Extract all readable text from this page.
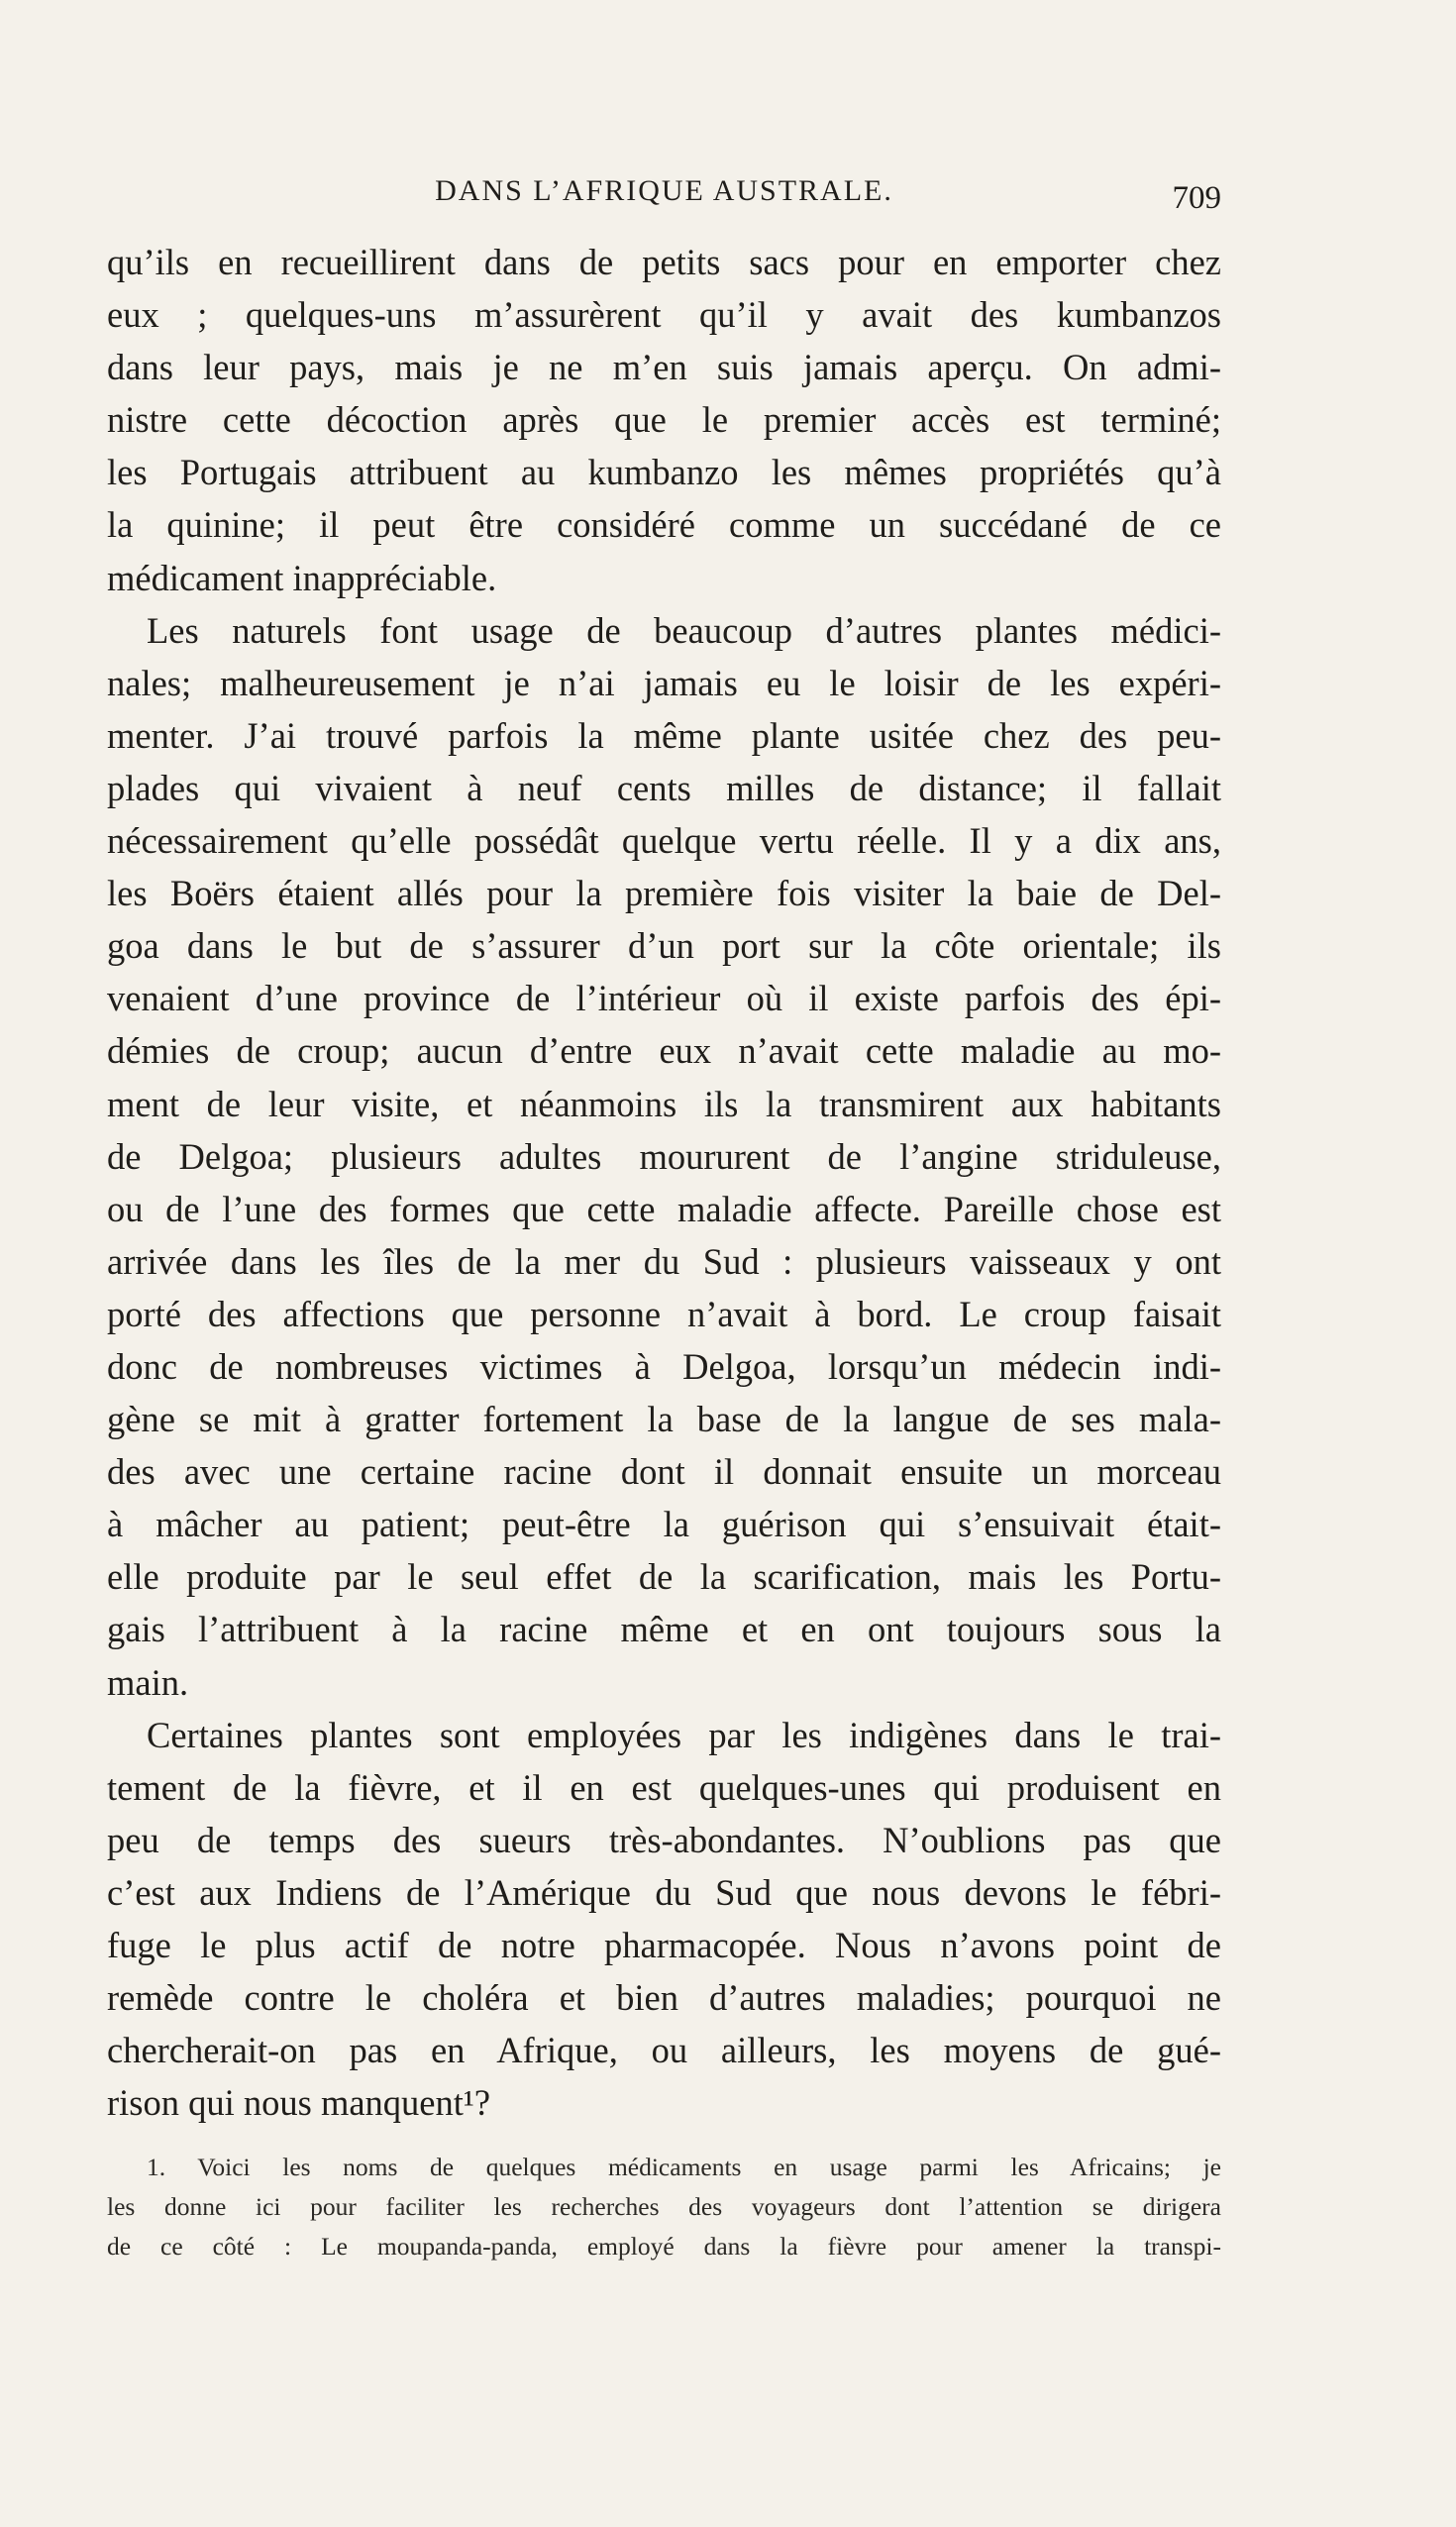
DANS L’AFRIQUE AUSTRALE.	709
qu’ils en recueillirent dans de petits sacs pour en emporter chez
eux ; quelques-uns m’assurèrent qu’il y avait des kumbanzos
dans leur pays, mais je ne m’en suis jamais aperçu. On admi-
nistre cette décoction après que le premier accès est terminé;
les Portugais attribuent au kumbanzo les mêmes propriétés qu’à
la quinine; il peut être considéré comme un succédané de ce
médicament inappréciable.
Les naturels font usage de beaucoup d’autres plantes médici-
nales; malheureusement je n’ai jamais eu le loisir de les expéri-
menter. J’ai trouvé parfois la même plante usitée chez des peu-
plades qui vivaient à neuf cents milles de distance; il fallait
nécessairement qu’elle possédât quelque vertu réelle. Il y a dix ans,
les Boërs étaient allés pour la première fois visiter la baie de Del-
goa dans le but de s’assurer d’un port sur la côte orientale; ils
venaient d’une province de l’intérieur où il existe parfois des épi-
démies de croup; aucun d’entre eux n’avait cette maladie au mo-
ment de leur visite, et néanmoins ils la transmirent aux habitants
de Delgoa; plusieurs adultes moururent de l’angine striduleuse,
ou de l’une des formes que cette maladie affecte. Pareille chose est
arrivée dans les îles de la mer du Sud : plusieurs vaisseaux y ont
porté des affections que personne n’avait à bord. Le croup faisait
donc de nombreuses victimes à Delgoa, lorsqu’un médecin indi-
gène se mit à gratter fortement la base de la langue de ses mala-
des avec une certaine racine dont il donnait ensuite un morceau
à mâcher au patient; peut-être la guérison qui s’ensuivait était-
elle produite par le seul effet de la scarification, mais les Portu-
gais l’attribuent à la racine même et en ont toujours sous la
main.
Certaines plantes sont employées par les indigènes dans le trai-
tement de la fièvre, et il en est quelques-unes qui produisent en
peu de temps des sueurs très-abondantes. N’oublions pas que
c’est aux Indiens de l’Amérique du Sud que nous devons le fébri-
fuge le plus actif de notre pharmacopée. Nous n’avons point de
remède contre le choléra et bien d’autres maladies; pourquoi ne
chercherait-on pas en Afrique, ou ailleurs, les moyens de gué-
rison qui nous manquent¹?
1. Voici les noms de quelques médicaments en usage parmi les Africains; je
les donne ici pour faciliter les recherches des voyageurs dont l’attention se dirigera
de ce côté : Le moupanda-panda, employé dans la fièvre pour amener la transpi-
